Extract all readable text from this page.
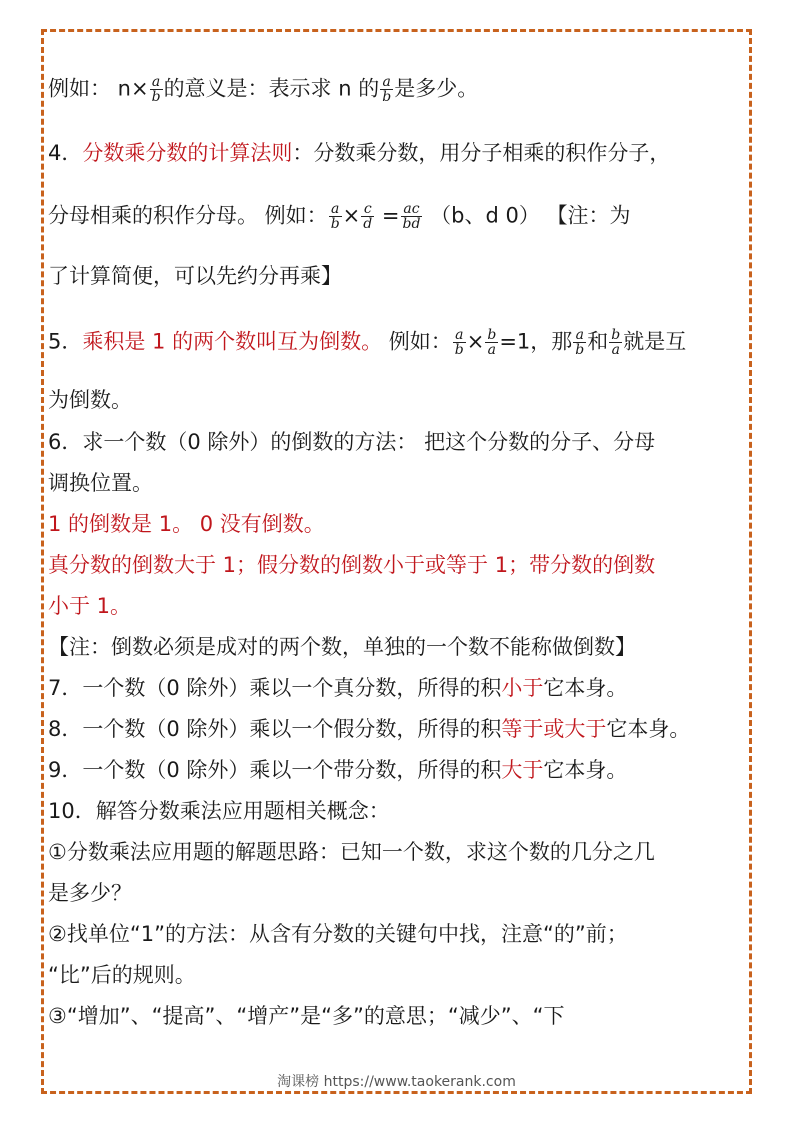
例如： $n\times \frac{a}{b}$ 的意义是：表示求 n 的 $\frac{a}{b}$ 是多少。
4．分数乘分数的计算法则：分数乘分数，用分子相乘的积作分子，
分母相乘的积作分母。 例如： $\frac{a}{b} \times \frac{c}{d} = \frac{ac}{bd} (b$、d 0） 【注：为
了计算简便，可以先约分再乘】
5．乘积是 1 的两个数叫互为倒数。 例如： $\frac{a}{b} \times \frac{b}{a} =1$，那 $\frac{a}{b}$ 和 $\frac{b}{a}$ 就是互
为倒数。
6．求一个数（0 除外）的倒数的方法： 把这个分数的分子、分母
调换位置。
1 的倒数是 1。 0 没有倒数。
真分数的倒数大于 1；假分数的倒数小于或等于 1；带分数的倒数
小于 1。
【注：倒数必须是成对的两个数，单独的一个数不能称做倒数】
7．一个数（0 除外）乘以一个真分数，所得的积小于它本身。
8．一个数（0 除外）乘以一个假分数，所得的积等于或大于它本身。
9．一个数（0 除外）乘以一个带分数，所得的积大于它本身。
10．解答分数乘法应用题相关概念：
①分数乘法应用题的解题思路：已知一个数，求这个数的几分之几
是多少？
②找单位“1”的方法：从含有分数的关键句中找，注意“的”前；
“比”后的规则。
③“增加”、“提高”、“增产”是“多”的意思；“减少”、“下
淘课榜 https://www.taokerank.com
